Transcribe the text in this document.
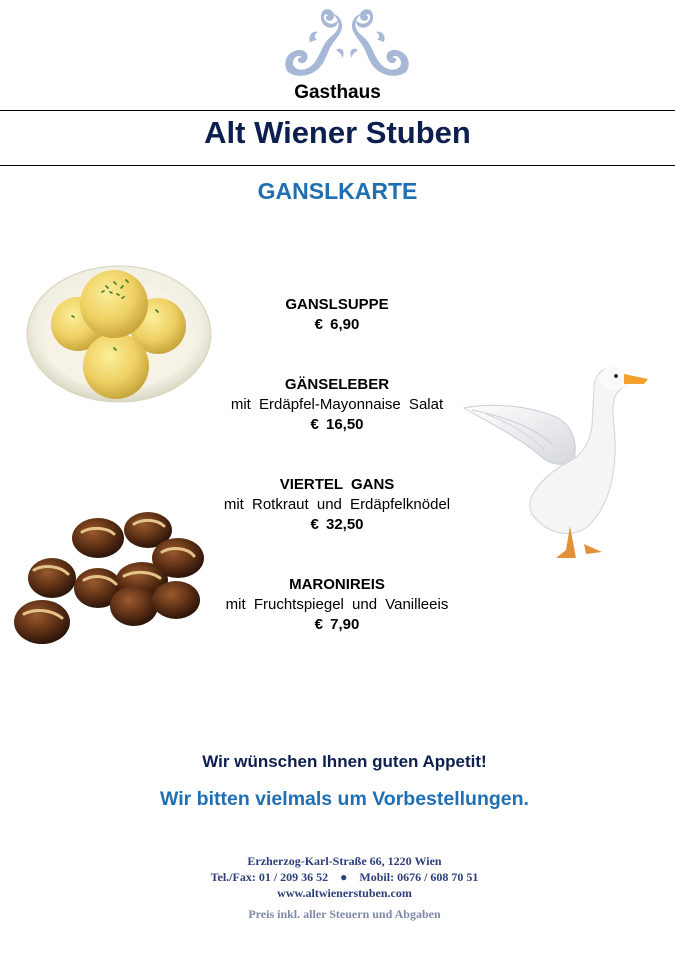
Gasthaus
Alt Wiener Stuben
GANSLKARTE
GANSLSUPPE
€ 6,90
GÄNSELEBER
mit Erdäpfel-Mayonnaise Salat
€ 16,50
VIERTEL GANS
mit Rotkraut und Erdäpfelknödel
€ 32,50
MARONIREIS
mit Fruchtspiegel und Vanilleeis
€ 7,90
Wir wünschen Ihnen guten Appetit!
Wir bitten vielmals um Vorbestellungen.
Erzherzog-Karl-Straße 66, 1220 Wien
Tel./Fax: 01 / 209 36 52    ●    Mobil: 0676 / 608 70 51
www.altwienerstuben.com
Preis inkl. aller Steuern und Abgaben
